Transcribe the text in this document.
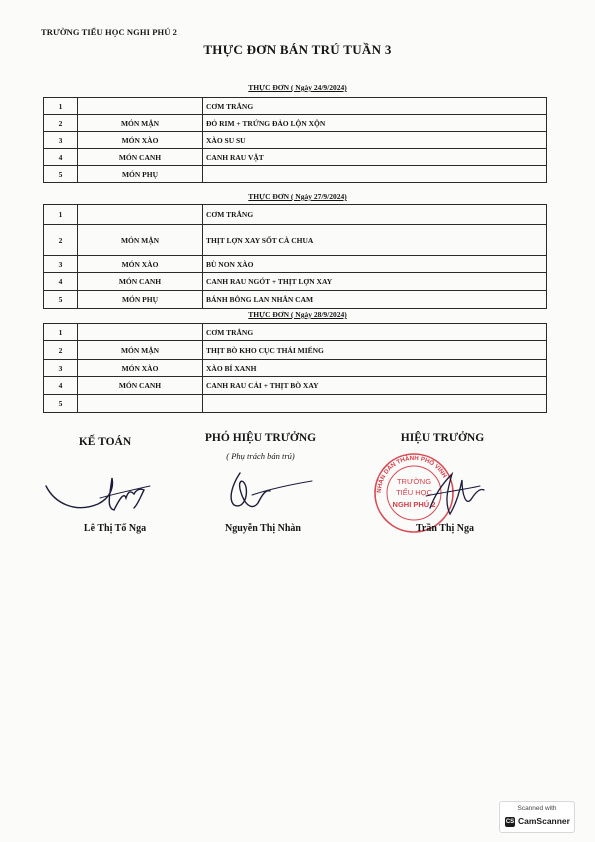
TRƯỜNG TIỂU HỌC NGHI PHÚ 2
THỰC ĐƠN BÁN TRÚ TUẦN 3
THỰC ĐƠN ( Ngày 24/9/2024)
1		CƠM TRẮNG
2	MÓN MẶN	ĐỎ RIM + TRỨNG ĐẢO LỘN XỘN
3	MÓN XÀO	XÀO SU SU
4	MÓN CANH	CANH RAU VẶT
5	MÓN PHỤ	
THỰC ĐƠN ( Ngày 27/9/2024)
1		CƠM TRẮNG
2	MÓN MẶN	THỊT LỢN XAY SỐT CÀ CHUA
3	MÓN XÀO	BÙ NON XÀO
4	MÓN CANH	CANH RAU NGÓT + THỊT LỢN XAY
5	MÓN PHỤ	BÁNH BÔNG LAN NHÂN CAM
THỰC ĐƠN ( Ngày 28/9/2024)
1		CƠM TRẮNG
2	MÓN MẶN	THỊT BÒ KHO CỤC THÁI MIẾNG
3	MÓN XÀO	XÀO BÍ XANH
4	MÓN CANH	CANH RAU CẢI + THỊT BÒ XAY
5		
KẾ TOÁN
Lê Thị Tố Nga
PHÓ HIỆU TRƯỞNG
( Phụ trách bán trú)
Nguyễn Thị Nhàn
HIỆU TRƯỞNG
NHÂN DÂN THÀNH PHỐ VINH
TRƯỜNG
TIỂU HỌC
NGHI PHÚ 2
Trần Thị Nga
Scanned with
CS CamScanner
